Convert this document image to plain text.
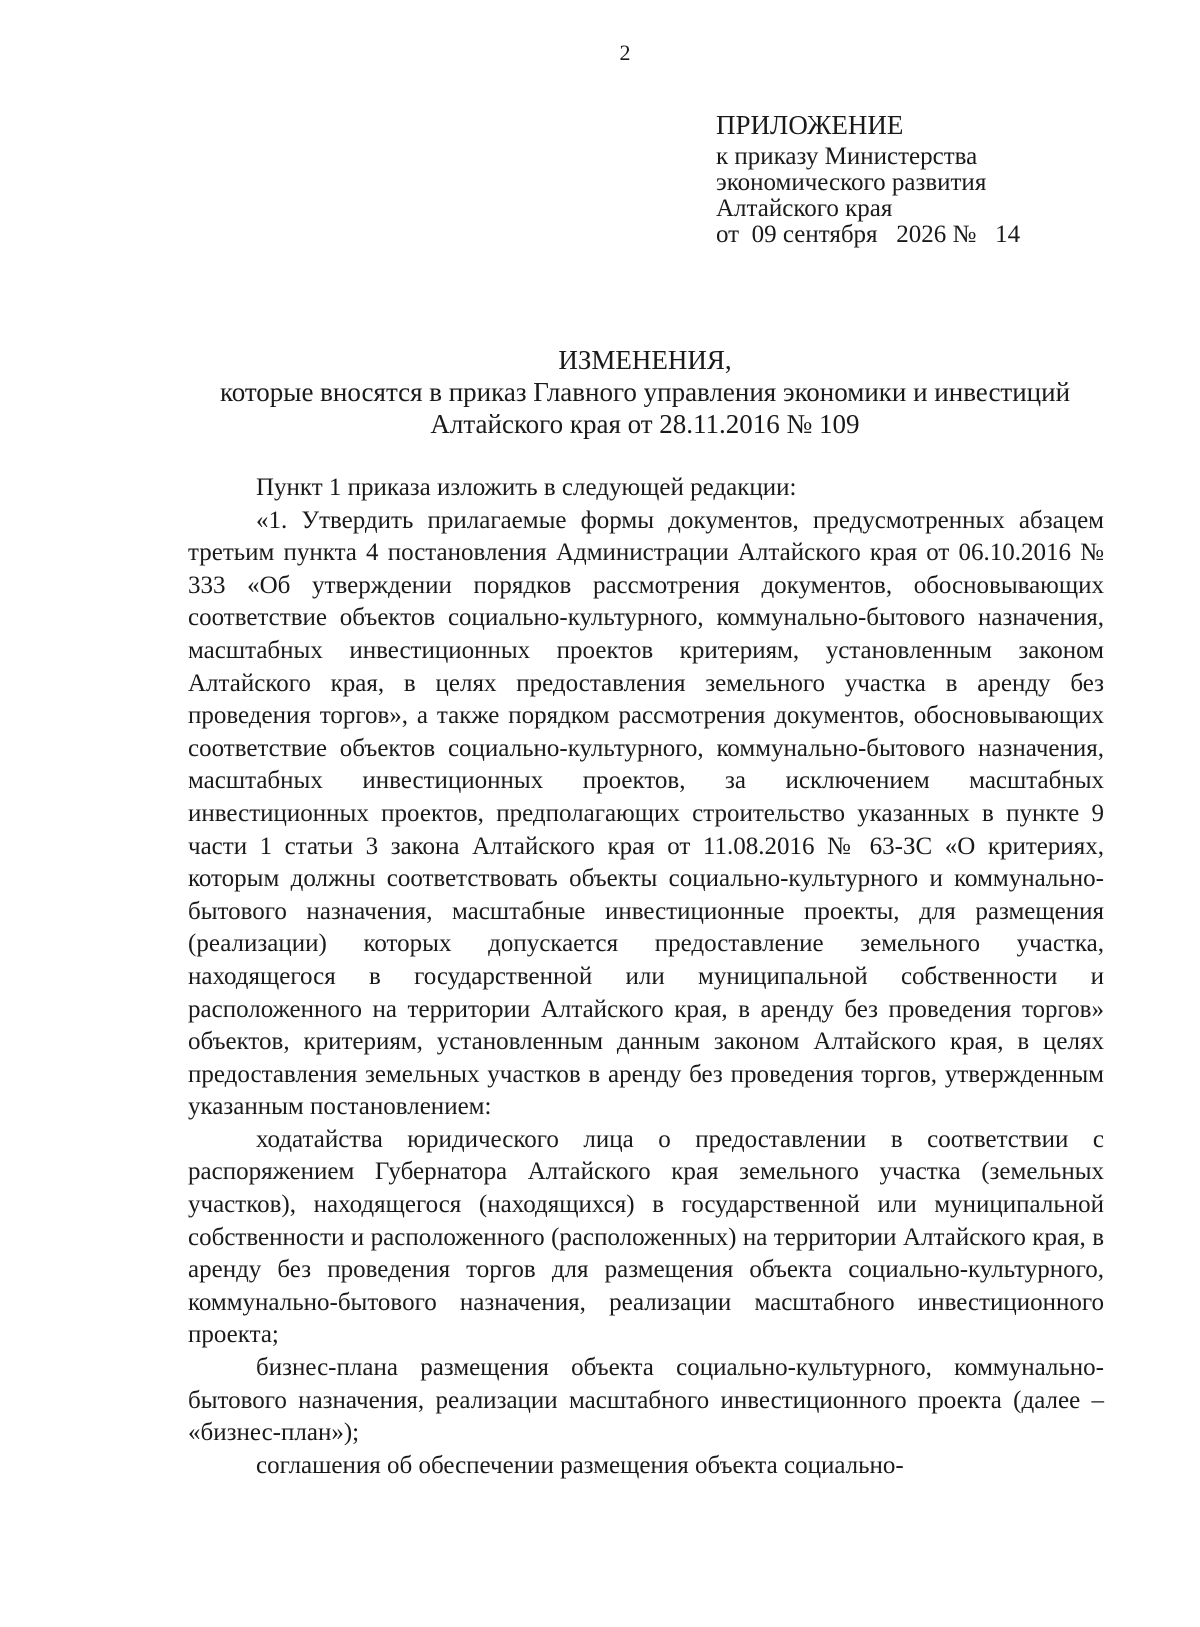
2
ПРИЛОЖЕНИЕ
к приказу Министерства
экономического развития
Алтайского края
от  09 сентября   2026 №   14
ИЗМЕНЕНИЯ,
которые вносятся в приказ Главного управления экономики и инвестиций
Алтайского края от 28.11.2016 № 109

Пункт 1 приказа изложить в следующей редакции:

«1. Утвердить прилагаемые формы документов, предусмотренных абзацем третьим пункта 4 постановления Администрации Алтайского края от 06.10.2016 № 333 «Об утверждении порядков рассмотрения документов, обосновывающих соответствие объектов социально-культурного, коммунально-бытового назначения, масштабных инвестиционных проектов критериям, установленным законом Алтайского края, в целях предоставления земельного участка в аренду без проведения торгов», а также порядком рассмотрения документов, обосновывающих соответствие объектов социально-культурного, коммунально-бытового назначения, масштабных инвестиционных проектов, за исключением масштабных инвестиционных проектов, предполагающих строительство указанных в пункте 9 части 1 статьи 3 закона Алтайского края от 11.08.2016 № 63-ЗС «О критериях, которым должны соответствовать объекты социально-культурного и коммунально-бытового назначения, масштабные инвестиционные проекты, для размещения (реализации) которых допускается предоставление земельного участка, находящегося в государственной или муниципальной собственности и расположенного на территории Алтайского края, в аренду без проведения торгов» объектов, критериям, установленным данным законом Алтайского края, в целях предоставления земельных участков в аренду без проведения торгов, утвержденным указанным постановлением:

ходатайства юридического лица о предоставлении в соответствии с распоряжением Губернатора Алтайского края земельного участка (земельных участков), находящегося (находящихся) в государственной или муниципальной собственности и расположенного (расположенных) на территории Алтайского края, в аренду без проведения торгов для размещения объекта социально-культурного, коммунально-бытового назначения, реализации масштабного инвестиционного проекта;

бизнес-плана размещения объекта социально-культурного, коммунально-бытового назначения, реализации масштабного инвестиционного проекта (далее – «бизнес-план»);

соглашения об обеспечении размещения объекта социально-
